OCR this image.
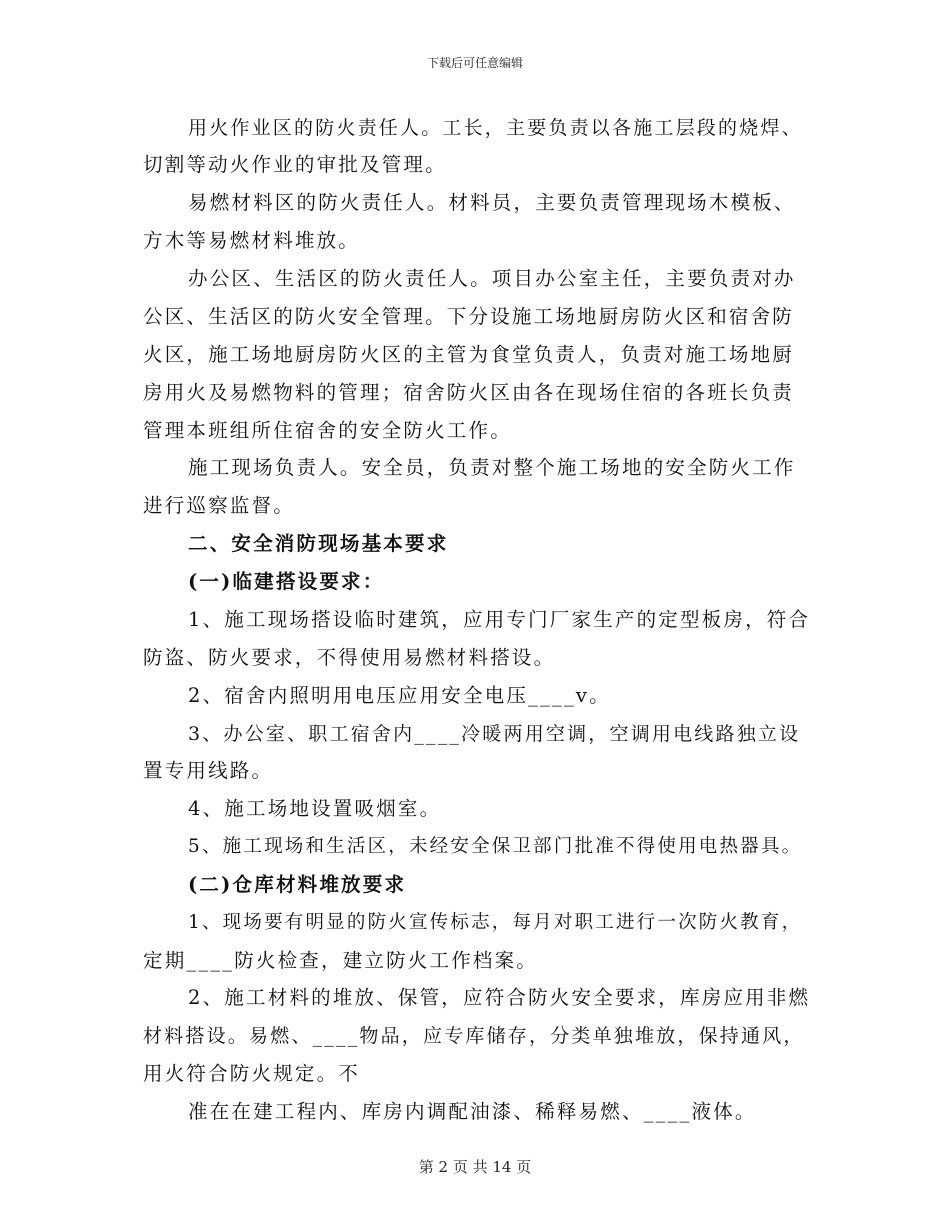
下载后可任意编辑
用火作业区的防火责任人。工长，主要负责以各施工层段的烧焊、
切割等动火作业的审批及管理。
易燃材料区的防火责任人。材料员，主要负责管理现场木模板、
方木等易燃材料堆放。
办公区、生活区的防火责任人。项目办公室主任，主要负责对办
公区、生活区的防火安全管理。下分设施工场地厨房防火区和宿舍防
火区，施工场地厨房防火区的主管为食堂负责人，负责对施工场地厨
房用火及易燃物料的管理；宿舍防火区由各在现场住宿的各班长负责
管理本班组所住宿舍的安全防火工作。
施工现场负责人。安全员，负责对整个施工场地的安全防火工作
进行巡察监督。
二、安全消防现场基本要求
(一)临建搭设要求：
1、施工现场搭设临时建筑，应用专门厂家生产的定型板房，符合
防盗、防火要求，不得使用易燃材料搭设。
2、宿舍内照明用电压应用安全电压____v。
3、办公室、职工宿舍内____冷暖两用空调，空调用电线路独立设
置专用线路。
4、施工场地设置吸烟室。
5、施工现场和生活区，未经安全保卫部门批准不得使用电热器具。
(二)仓库材料堆放要求
1、现场要有明显的防火宣传标志，每月对职工进行一次防火教育，
定期____防火检查，建立防火工作档案。
2、施工材料的堆放、保管，应符合防火安全要求，库房应用非燃
材料搭设。易燃、____物品，应专库储存，分类单独堆放，保持通风，
用火符合防火规定。不
准在在建工程内、库房内调配油漆、稀释易燃、____液体。
第 2 页 共 14 页
